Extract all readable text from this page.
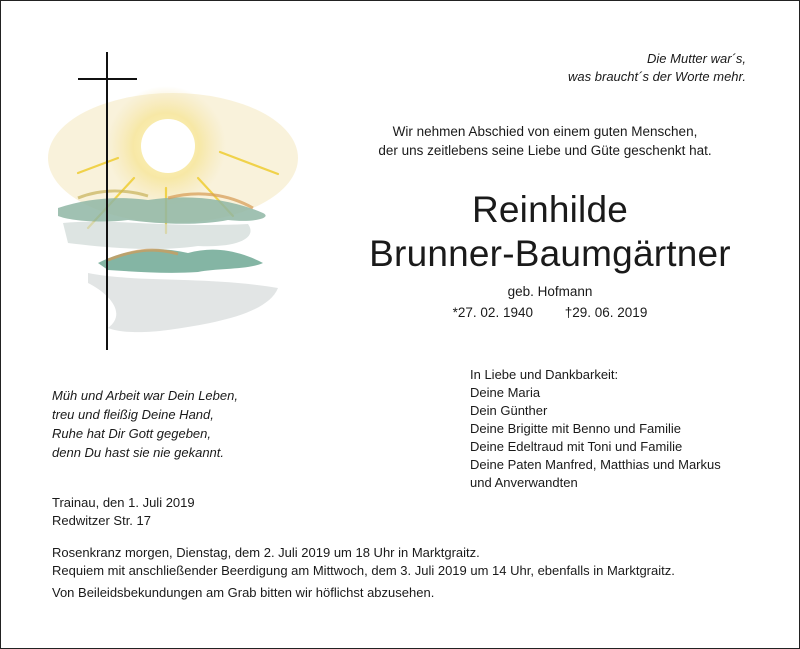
Die Mutter war´s,
was braucht´s der Worte mehr.
Wir nehmen Abschied von einem guten Menschen,
der uns zeitlebens seine Liebe und Güte geschenkt hat.
Reinhilde
Brunner-Baumgärtner
geb. Hofmann
*27. 02. 1940 †29. 06. 2019
Müh und Arbeit war Dein Leben,
treu und fleißig Deine Hand,
Ruhe hat Dir Gott gegeben,
denn Du hast sie nie gekannt.
In Liebe und Dankbarkeit:
Deine Maria
Dein Günther
Deine Brigitte mit Benno und Familie
Deine Edeltraud mit Toni und Familie
Deine Paten Manfred, Matthias und Markus
und Anverwandten
Trainau, den 1. Juli 2019
Redwitzer Str. 17
Rosenkranz morgen, Dienstag, dem 2. Juli 2019 um 18 Uhr in Marktgraitz.
Requiem mit anschließender Beerdigung am Mittwoch, dem 3. Juli 2019 um 14 Uhr, ebenfalls in Marktgraitz.
Von Beileidsbekundungen am Grab bitten wir höflichst abzusehen.
